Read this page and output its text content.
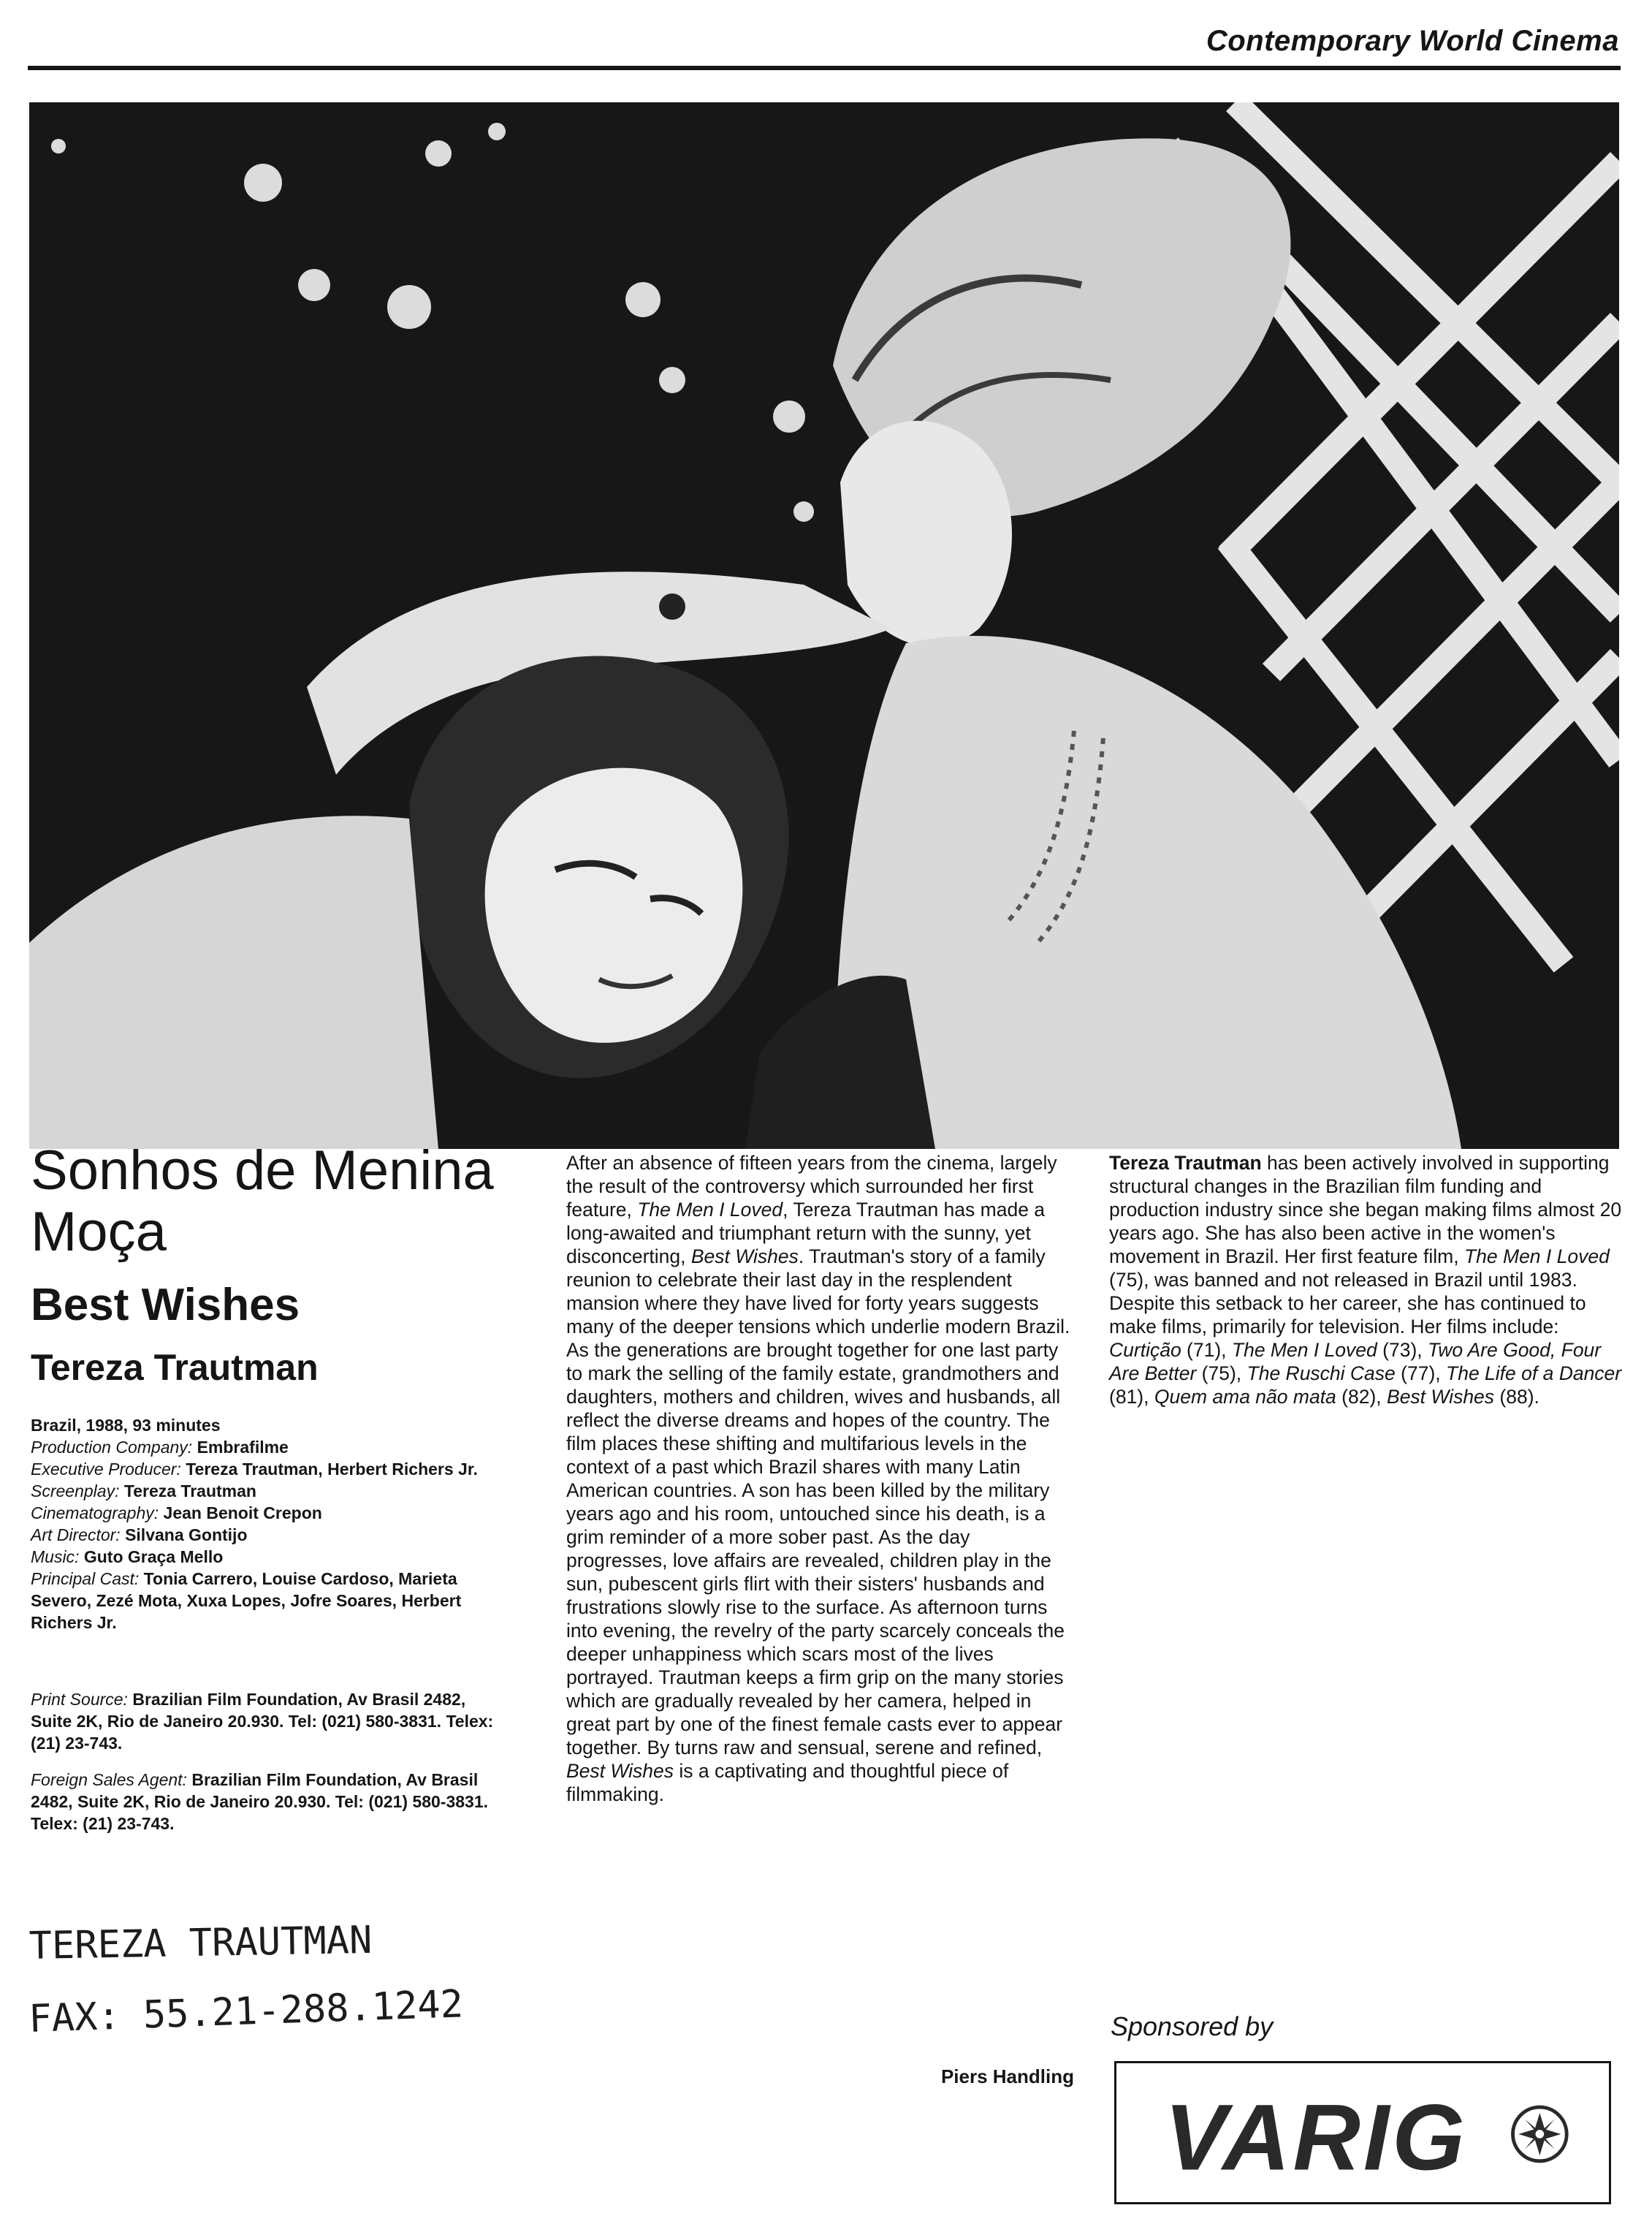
Contemporary World Cinema
Sonhos de Menina Moça
Best Wishes
Tereza Trautman

Brazil, 1988, 93 minutes

Production Company: Embrafilme

Executive Producer: Tereza Trautman, Herbert Richers Jr.

Screenplay: Tereza Trautman

Cinematography: Jean Benoit Crepon

Art Director: Silvana Gontijo

Music: Guto Graça Mello

Principal Cast: Tonia Carrero, Louise Cardoso, Marieta Severo, Zezé Mota, Xuxa Lopes, Jofre Soares, Herbert Richers Jr.

Print Source: Brazilian Film Foundation, Av Brasil 2482, Suite 2K, Rio de Janeiro 20.930. Tel: (021) 580-3831. Telex: (21) 23-743.
Foreign Sales Agent: Brazilian Film Foundation, Av Brasil 2482, Suite 2K, Rio de Janeiro 20.930. Tel: (021) 580-3831. Telex: (21) 23-743.
TEREZA TRAUTMAN
FAX: 55.21-288.1242

After an absence of fifteen years from the cinema, largely the result of the controversy which surrounded her first feature, The Men I Loved, Tereza Trautman has made a long-awaited and triumphant return with the sunny, yet disconcerting, Best Wishes. Trautman's story of a family reunion to celebrate their last day in the resplendent mansion where they have lived for forty years suggests many of the deeper tensions which underlie modern Brazil. As the generations are brought together for one last party to mark the selling of the family estate, grandmothers and daughters, mothers and children, wives and husbands, all reflect the diverse dreams and hopes of the country. The film places these shifting and multifarious levels in the context of a past which Brazil shares with many Latin American countries. A son has been killed by the military years ago and his room, untouched since his death, is a grim reminder of a more sober past. As the day progresses, love affairs are revealed, children play in the sun, pubescent girls flirt with their sisters' husbands and frustrations slowly rise to the surface. As afternoon turns into evening, the revelry of the party scarcely conceals the deeper unhappiness which scars most of the lives portrayed. Trautman keeps a firm grip on the many stories which are gradually revealed by her camera, helped in great part by one of the finest female casts ever to appear together. By turns raw and sensual, serene and refined, Best Wishes is a captivating and thoughtful piece of filmmaking.

Piers Handling

Tereza Trautman has been actively involved in supporting structural changes in the Brazilian film funding and production industry since she began making films almost 20 years ago. She has also been active in the women's movement in Brazil. Her first feature film, The Men I Loved (75), was banned and not released in Brazil until 1983. Despite this setback to her career, she has continued to make films, primarily for television. Her films include: Curtição (71), The Men I Loved (73), Two Are Good, Four Are Better (75), The Ruschi Case (77), The Life of a Dancer (81), Quem ama não mata (82), Best Wishes (88).

Sponsored by
VARIG
